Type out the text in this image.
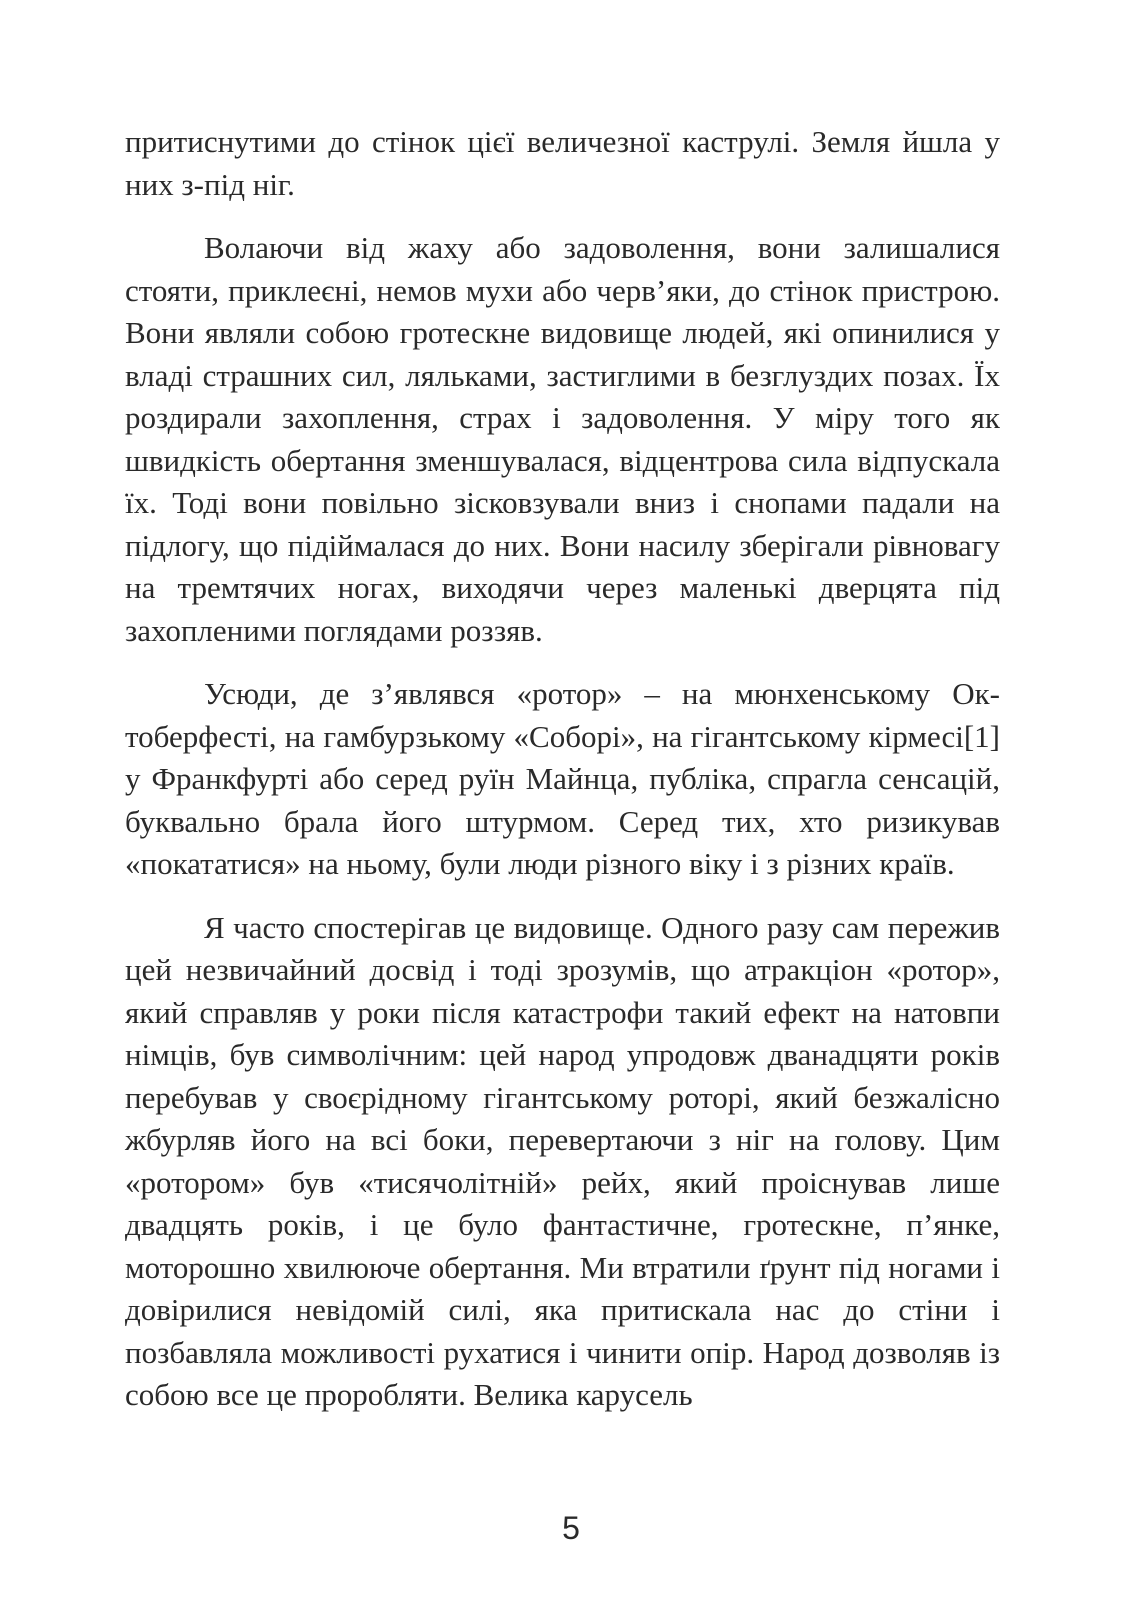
притиснутими до стінок цієї величезної каструлі. Земля йшла у них з-під ніг.

Волаючи від жаху або задоволення, вони залишалися стояти, приклеєні, немов мухи або черв’яки, до стінок пристрою. Вони являли собою гротескне видовище людей, які опинилися у владі страшних сил, ляльками, застиглими в безглуздих позах. Їх роздирали захоплення, страх і задоволення. У міру того як швидкість обертання зменшувалася, відцентрова сила відпускала їх. Тоді вони повільно зісковзували вниз і снопами падали на підлогу, що підіймалася до них. Вони насилу зберігали рівновагу на тремтячих ногах, виходячи через маленькі дверцята під захопленими поглядами роззяв.

Усюди, де з’являвся «ротор» – на мюнхенському Октоберфесті, на гамбурзькому «Соборі», на гігантському кірмесі[1] у Франкфурті або серед руїн Майнца, публіка, спрагла сенсацій, буквально брала його штурмом. Серед тих, хто ризикував «покататися» на ньому, були люди різного віку і з різних країв.

Я часто спостерігав це видовище. Одного разу сам пережив цей незвичайний досвід і тоді зрозумів, що атракціон «ротор», який справляв у роки після катастрофи такий ефект на натовпи німців, був символічним: цей народ упродовж дванадцяти років перебував у своєрідному гігантському роторі, який безжалісно жбурляв його на всі боки, перевертаючи з ніг на голову. Цим «ротором» був «тисячолітній» рейх, який проіснував лише двадцять років, і це було фантастичне, гротескне, п’янке, моторошно хвилююче обертання. Ми втратили ґрунт під ногами і довірилися невідомій силі, яка притискала нас до стіни і позбавляла можливості рухатися і чинити опір. Народ дозволяв із собою все це проробляти. Велика карусель

5
